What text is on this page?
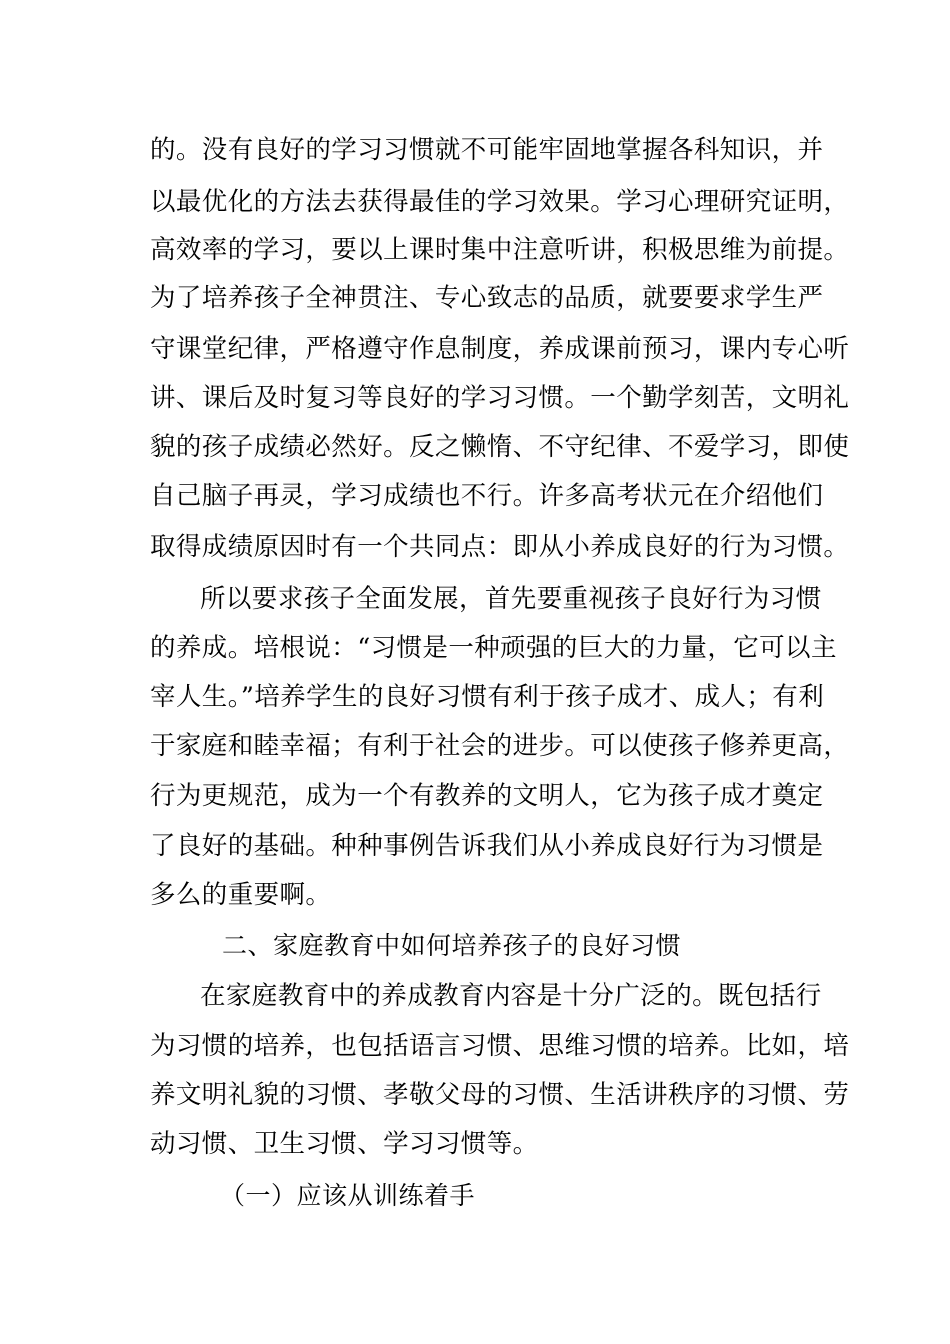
的。没有良好的学习习惯就不可能牢固地掌握各科知识，并
以最优化的方法去获得最佳的学习效果。学习心理研究证明，
高效率的学习，要以上课时集中注意听讲，积极思维为前提。
为了培养孩子全神贯注、专心致志的品质，就要要求学生严
守课堂纪律，严格遵守作息制度，养成课前预习，课内专心听
讲、课后及时复习等良好的学习习惯。一个勤学刻苦，文明礼
貌的孩子成绩必然好。反之懒惰、不守纪律、不爱学习，即使
自己脑子再灵，学习成绩也不行。许多高考状元在介绍他们
取得成绩原因时有一个共同点：即从小养成良好的行为习惯。
所以要求孩子全面发展，首先要重视孩子良好行为习惯
的养成。培根说：“习惯是一种顽强的巨大的力量，它可以主
宰人生。”培养学生的良好习惯有利于孩子成才、成人；有利
于家庭和睦幸福；有利于社会的进步。可以使孩子修养更高，
行为更规范，成为一个有教养的文明人，它为孩子成才奠定
了良好的基础。种种事例告诉我们从小养成良好行为习惯是
多么的重要啊。
二、家庭教育中如何培养孩子的良好习惯
在家庭教育中的养成教育内容是十分广泛的。既包括行
为习惯的培养，也包括语言习惯、思维习惯的培养。比如，培
养文明礼貌的习惯、孝敬父母的习惯、生活讲秩序的习惯、劳
动习惯、卫生习惯、学习习惯等。
（一）应该从训练着手
